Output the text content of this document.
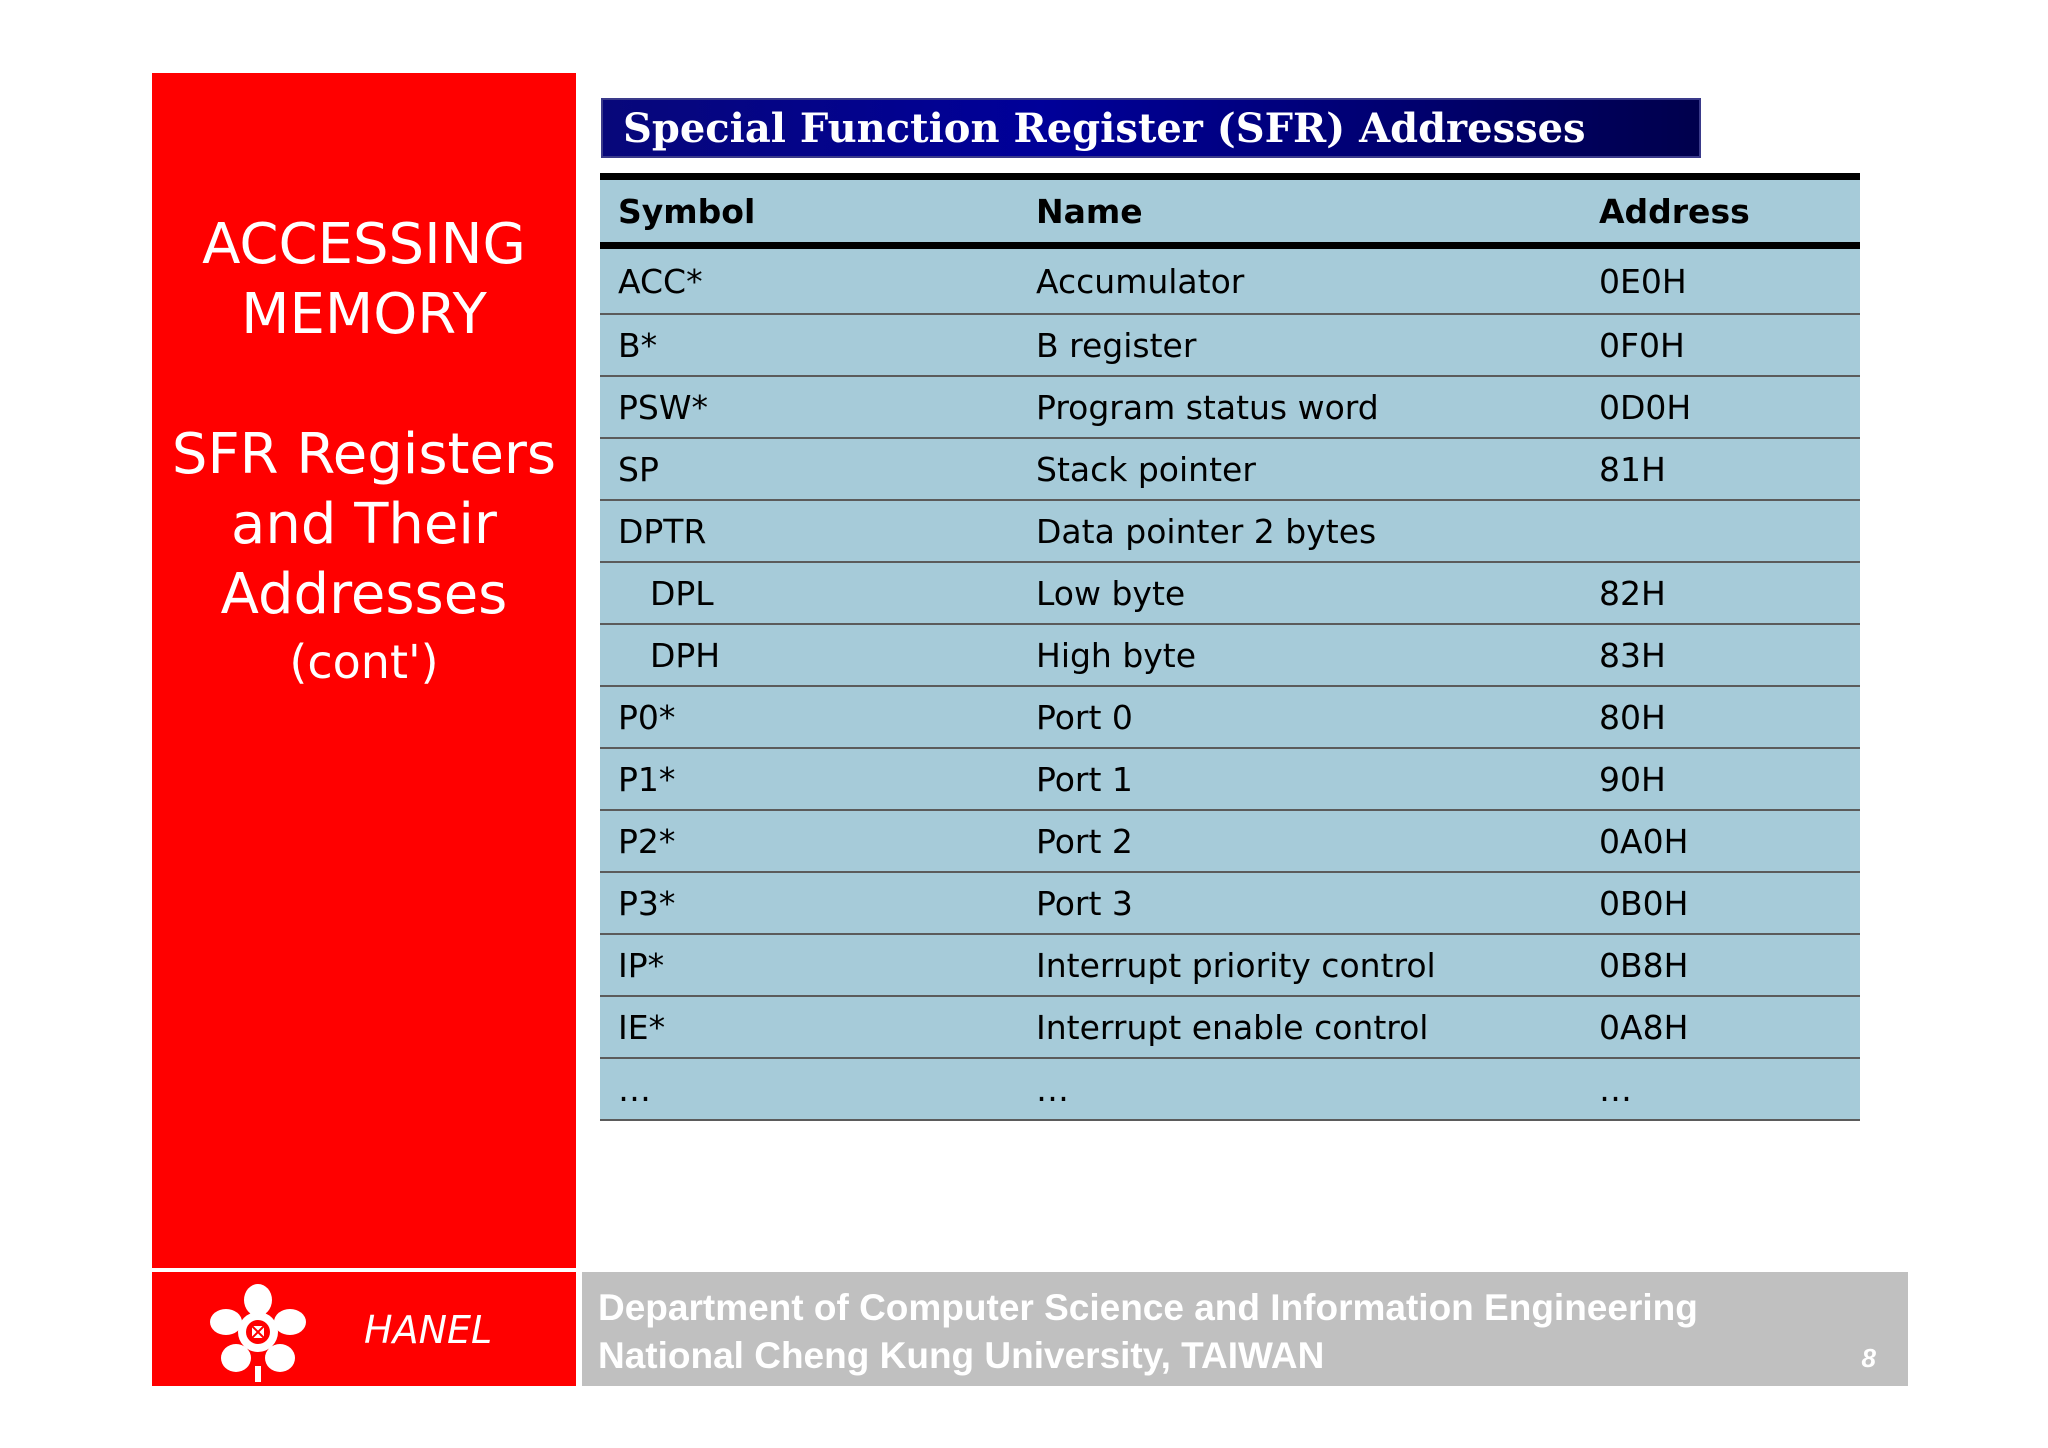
ACCESSING
MEMORY
SFR Registers
and Their
Addresses
(cont')
Special Function Register (SFR) Addresses
Symbol	Name	Address
ACC*	Accumulator	0E0H
B*	B register	0F0H
PSW*	Program status word	0D0H
SP	Stack pointer	81H
DPTR	Data pointer 2 bytes	
DPL	Low byte	82H
DPH	High byte	83H
P0*	Port 0	80H
P1*	Port 1	90H
P2*	Port 2	0A0H
P3*	Port 3	0B0H
IP*	Interrupt priority control	0B8H
IE*	Interrupt enable control	0A8H
…	…	…
HANEL
Department of Computer Science and Information Engineering
National Cheng Kung University, TAIWAN	8
